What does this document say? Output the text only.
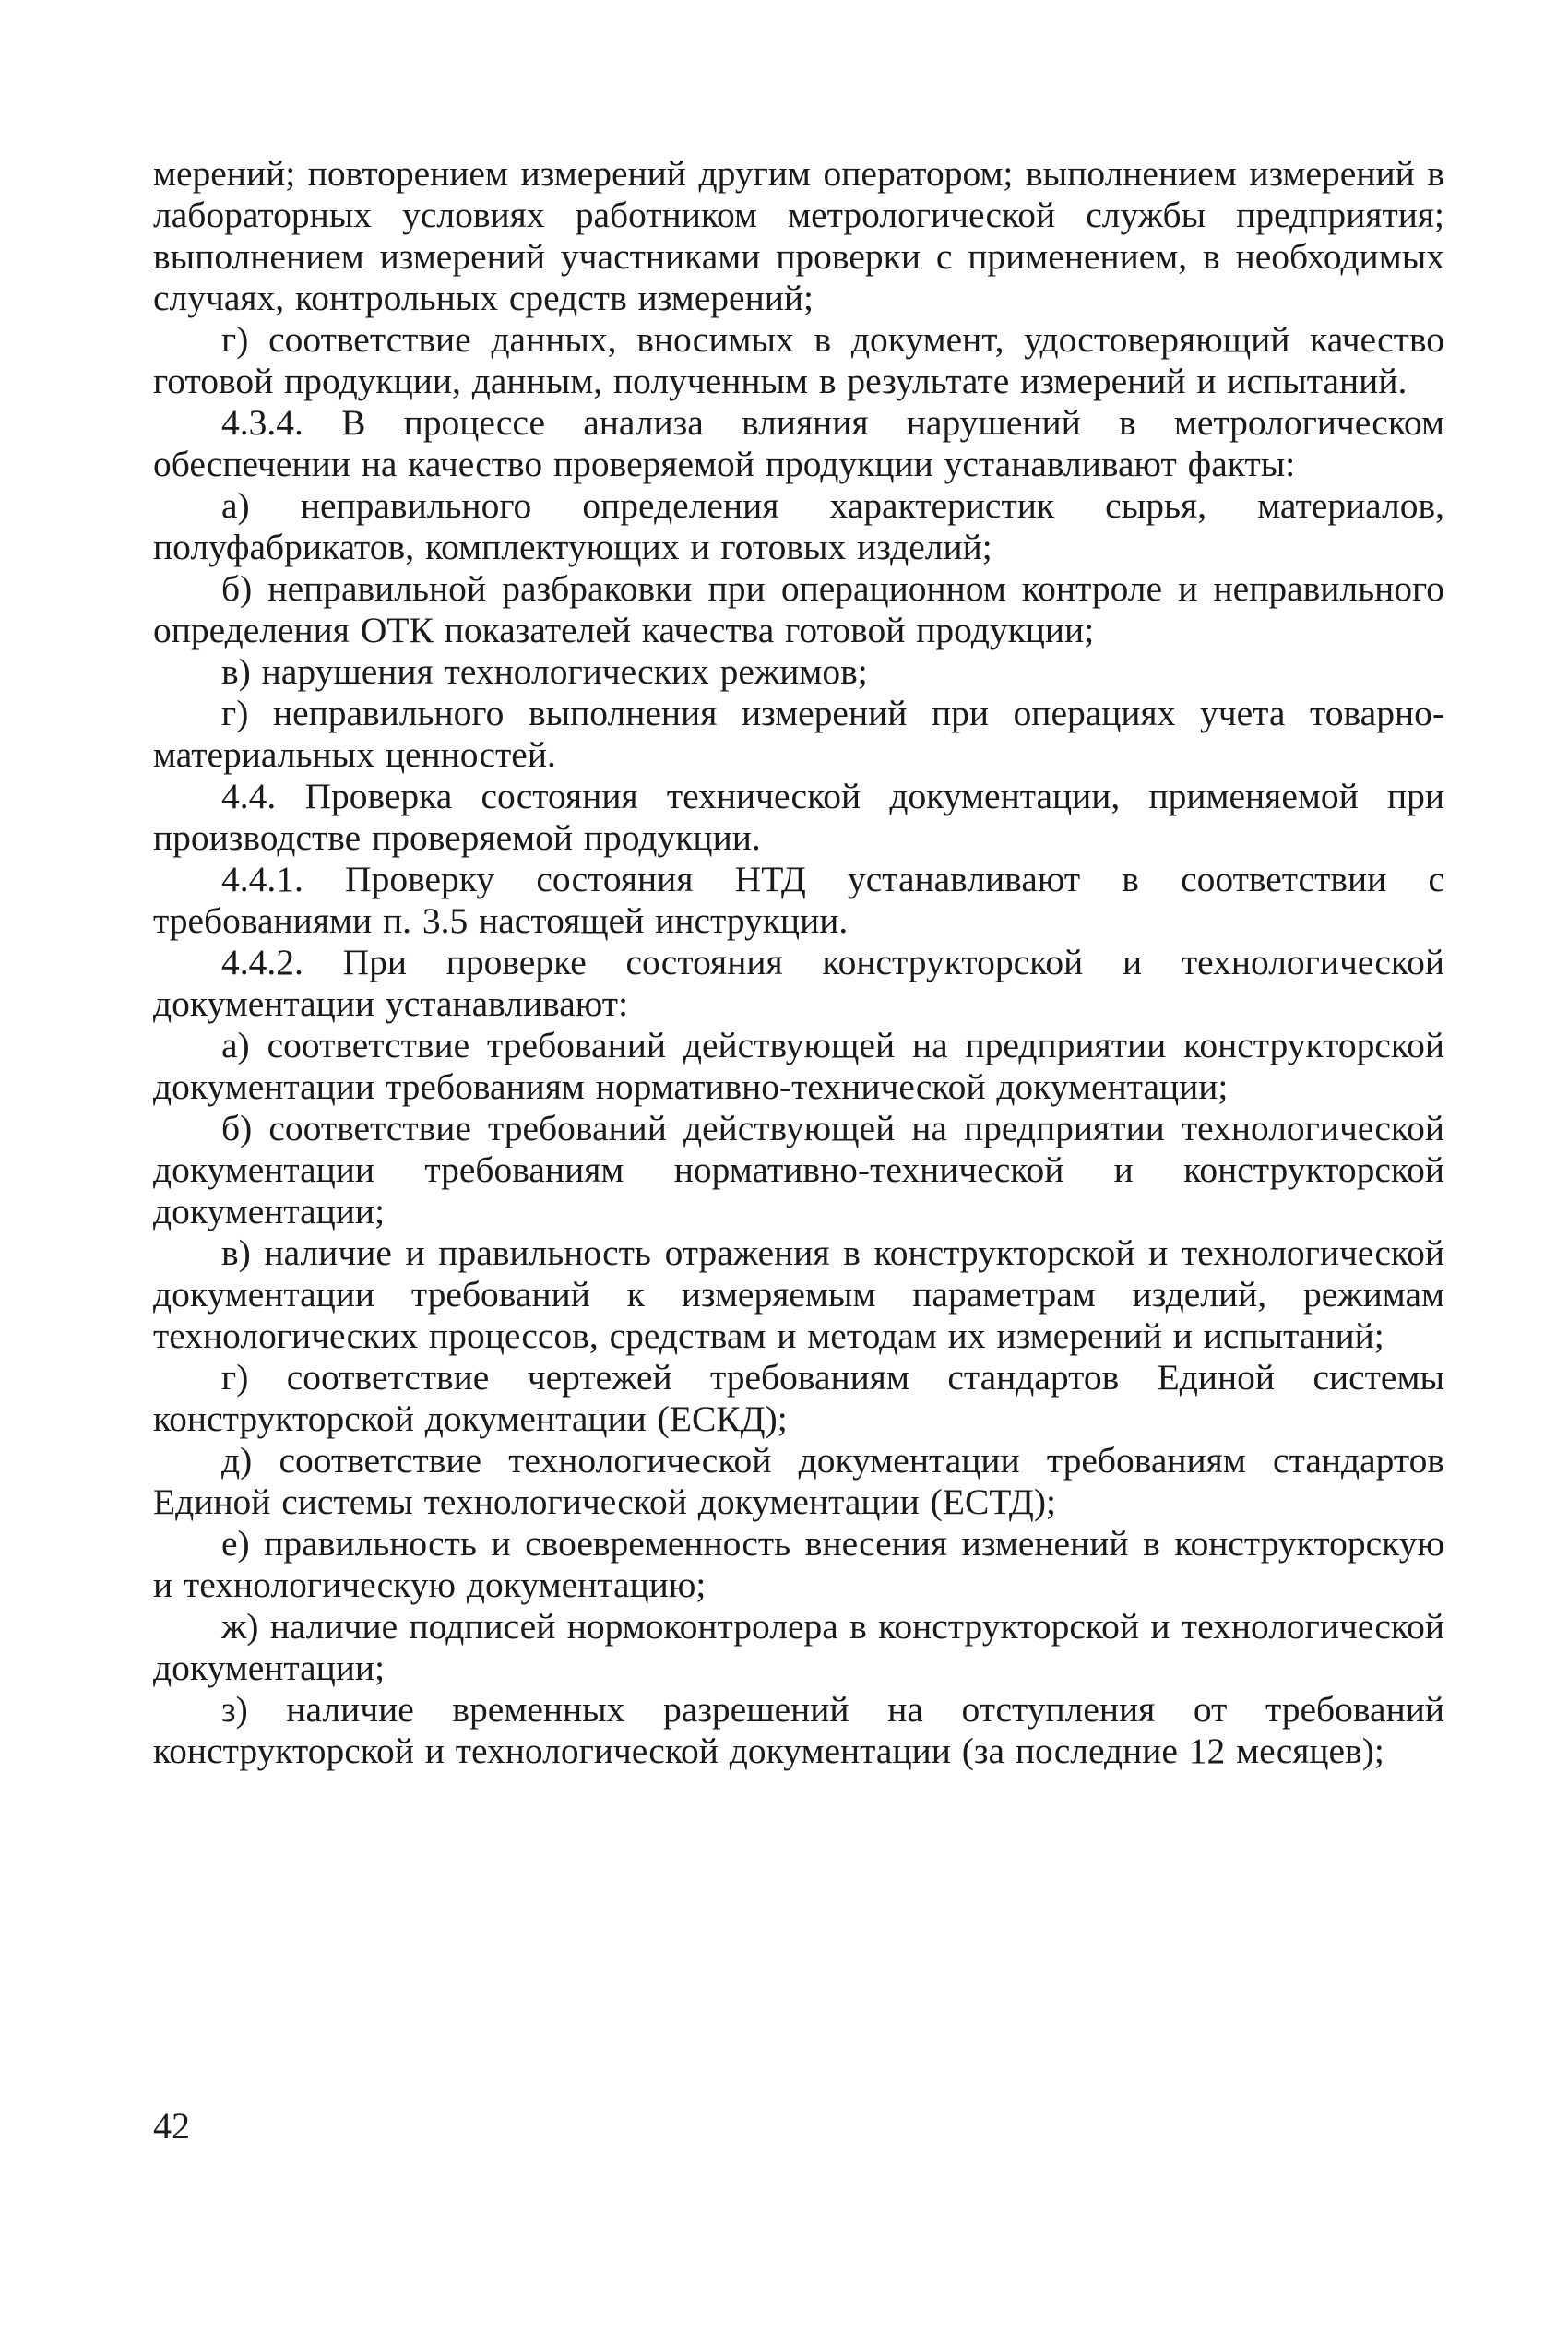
мерений; повторением измерений другим оператором; выполнением измерений в лабораторных условиях работником метрологической службы предприятия; выполнением измерений участниками проверки с применением, в необходимых случаях, контрольных средств измерений;

г) соответствие данных, вносимых в документ, удостоверяющий качество готовой продукции, данным, полученным в результате измерений и испытаний.

4.3.4. В процессе анализа влияния нарушений в метрологическом обеспечении на качество проверяемой продукции устанавливают факты:

а) неправильного определения характеристик сырья, материалов, полуфабрикатов, комплектующих и готовых изделий;

б) неправильной разбраковки при операционном контроле и неправильного определения ОТК показателей качества готовой продукции;

в) нарушения технологических режимов;

г) неправильного выполнения измерений при операциях учета товарно-материальных ценностей.

4.4. Проверка состояния технической документации, применяемой при производстве проверяемой продукции.

4.4.1. Проверку состояния НТД устанавливают в соответствии с требованиями п. 3.5 настоящей инструкции.

4.4.2. При проверке состояния конструкторской и технологической документации устанавливают:

а) соответствие требований действующей на предприятии конструкторской документации требованиям нормативно-технической документации;

б) соответствие требований действующей на предприятии технологической документации требованиям нормативно-технической и конструкторской документации;

в) наличие и правильность отражения в конструкторской и технологической документации требований к измеряемым параметрам изделий, режимам технологических процессов, средствам и методам их измерений и испытаний;

г) соответствие чертежей требованиям стандартов Единой системы конструкторской документации (ЕСКД);

д) соответствие технологической документации требованиям стандартов Единой системы технологической документации (ЕСТД);

е) правильность и своевременность внесения изменений в конструкторскую и технологическую документацию;

ж) наличие подписей нормоконтролера в конструкторской и технологической документации;

з) наличие временных разрешений на отступления от требований конструкторской и технологической документации (за последние 12 месяцев);

42
